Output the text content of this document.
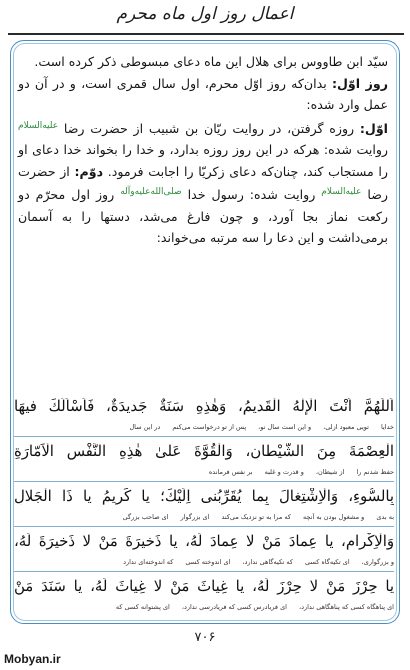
اعمال روز اول ماه محرم

سیّد ابن طاووس برای هلال این ماه دعای مبسوطی ذکر کرده است.

روز اوّل: بدان‌که روز اوّل محرم، اول سال قمری است، و در آن دو عمل وارد شده:

اوّل: روزه گرفتن، در روایت ریّان بن شبیب از حضرت رضا $^{علیه‌السلام}$ روایت شده: هرکه در این روز روزه بدارد، و خدا را بخواند خدا دعای او را مستجاب کند، چنان‌که دعای زکریّا را اجابت فرمود. دوّم: از حضرت رضا $^{علیه‌السلام}$ روایت شده: رسول خدا $^{صلی‌الله‌علیه‌وآله}$ روز اول محرّم دو رکعت نماز بجا آورد، و چون فارغ می‌شد، دستها را به آسمان برمی‌داشت و این دعا را سه مرتبه می‌خواند:

اَللّٰهُمَّ اَنْتَ الْإِلٰهُ الْقَدیمُ، وَهٰذِهِ سَنَةٌ جَدیدَةٌ، فَاَسْاَلُكَ فیهَا
خدایاتویی معبود ازلی،و این است سال نو،پس از تو درخواست می‌کنمدر این سال
الْعِصْمَةَ مِنَ الشَّیْطانِ، وَالْقُوَّةَ عَلیٰ هٰذِهِ النَّفْسِ الْاَمّارَةِ
حفظ شدنم رااز شیطان،و قدرت و غلبهبر نفس فرمانده
بِالسُّوءِ، وَالْاِشْتِغالَ بِما یُقَرِّبُنی اِلَیْكَ؛ یا كَریمُ یا ذَا الْجَلالِ
به بدیو مشغول بودن به آنچهکه مرا به تو نزدیک می‌کندای بزرگوارای صاحب بزرگی
وَالْاِكْرامِ، یا عِمادَ مَنْ لا عِمادَ لَهُ، یا ذَخیرَةَ مَنْ لا ذَخیرَةَ لَهُ،
و بزرگواری،ای تکیه‌گاه کسیکه تکیه‌گاهی ندارد،ای اندوخته کسیکه اندوخته‌ای ندارد
یا حِرْزَ مَنْ لا حِرْزَ لَهُ، یا غِیاثَ مَنْ لا غِیاثَ لَهُ، یا سَنَدَ مَنْ
ای پناهگاه کسی که پناهگاهی ندارد،ای فریادرس کسی که فریادرسی ندارد،ای پشتوانه کسی که
۷۰۶
Mobyan.ir
